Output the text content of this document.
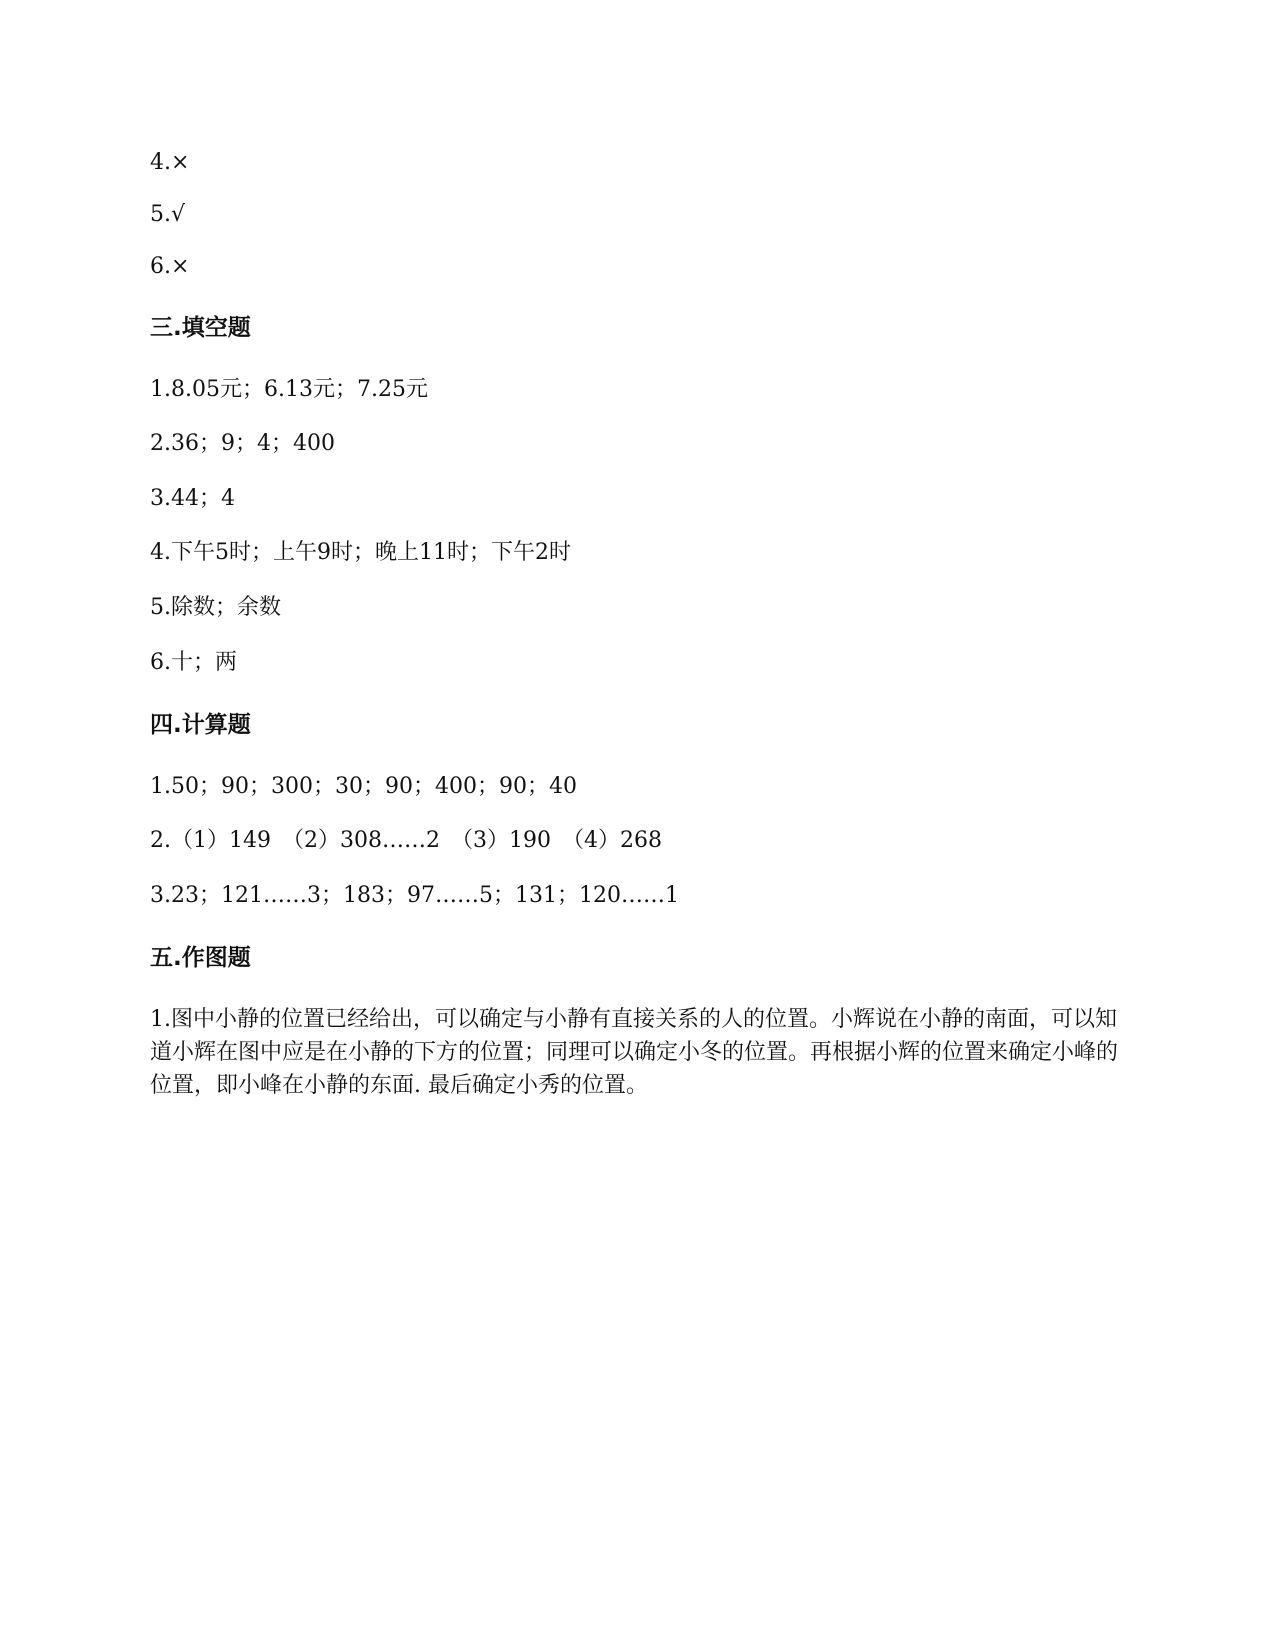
4.×
5.√
6.×
三.填空题
1.8.05元；6.13元；7.25元
2.36；9；4；400
3.44；4
4.下午5时；上午9时；晚上11时；下午2时
5.除数；余数
6.十；两
四.计算题
1.50；90；300；30；90；400；90；40
2.（1）149　（2）308……2　（3）190　（4）268
3.23；121……3；183；97……5；131；120……1
五.作图题
1.图中小静的位置已经给出，可以确定与小静有直接关系的人的位置。小辉说在小静的南面，可以知道小辉在图中应是在小静的下方的位置；同理可以确定小冬的位置。再根据小辉的位置来确定小峰的位置，即小峰在小静的东面. 最后确定小秀的位置。
